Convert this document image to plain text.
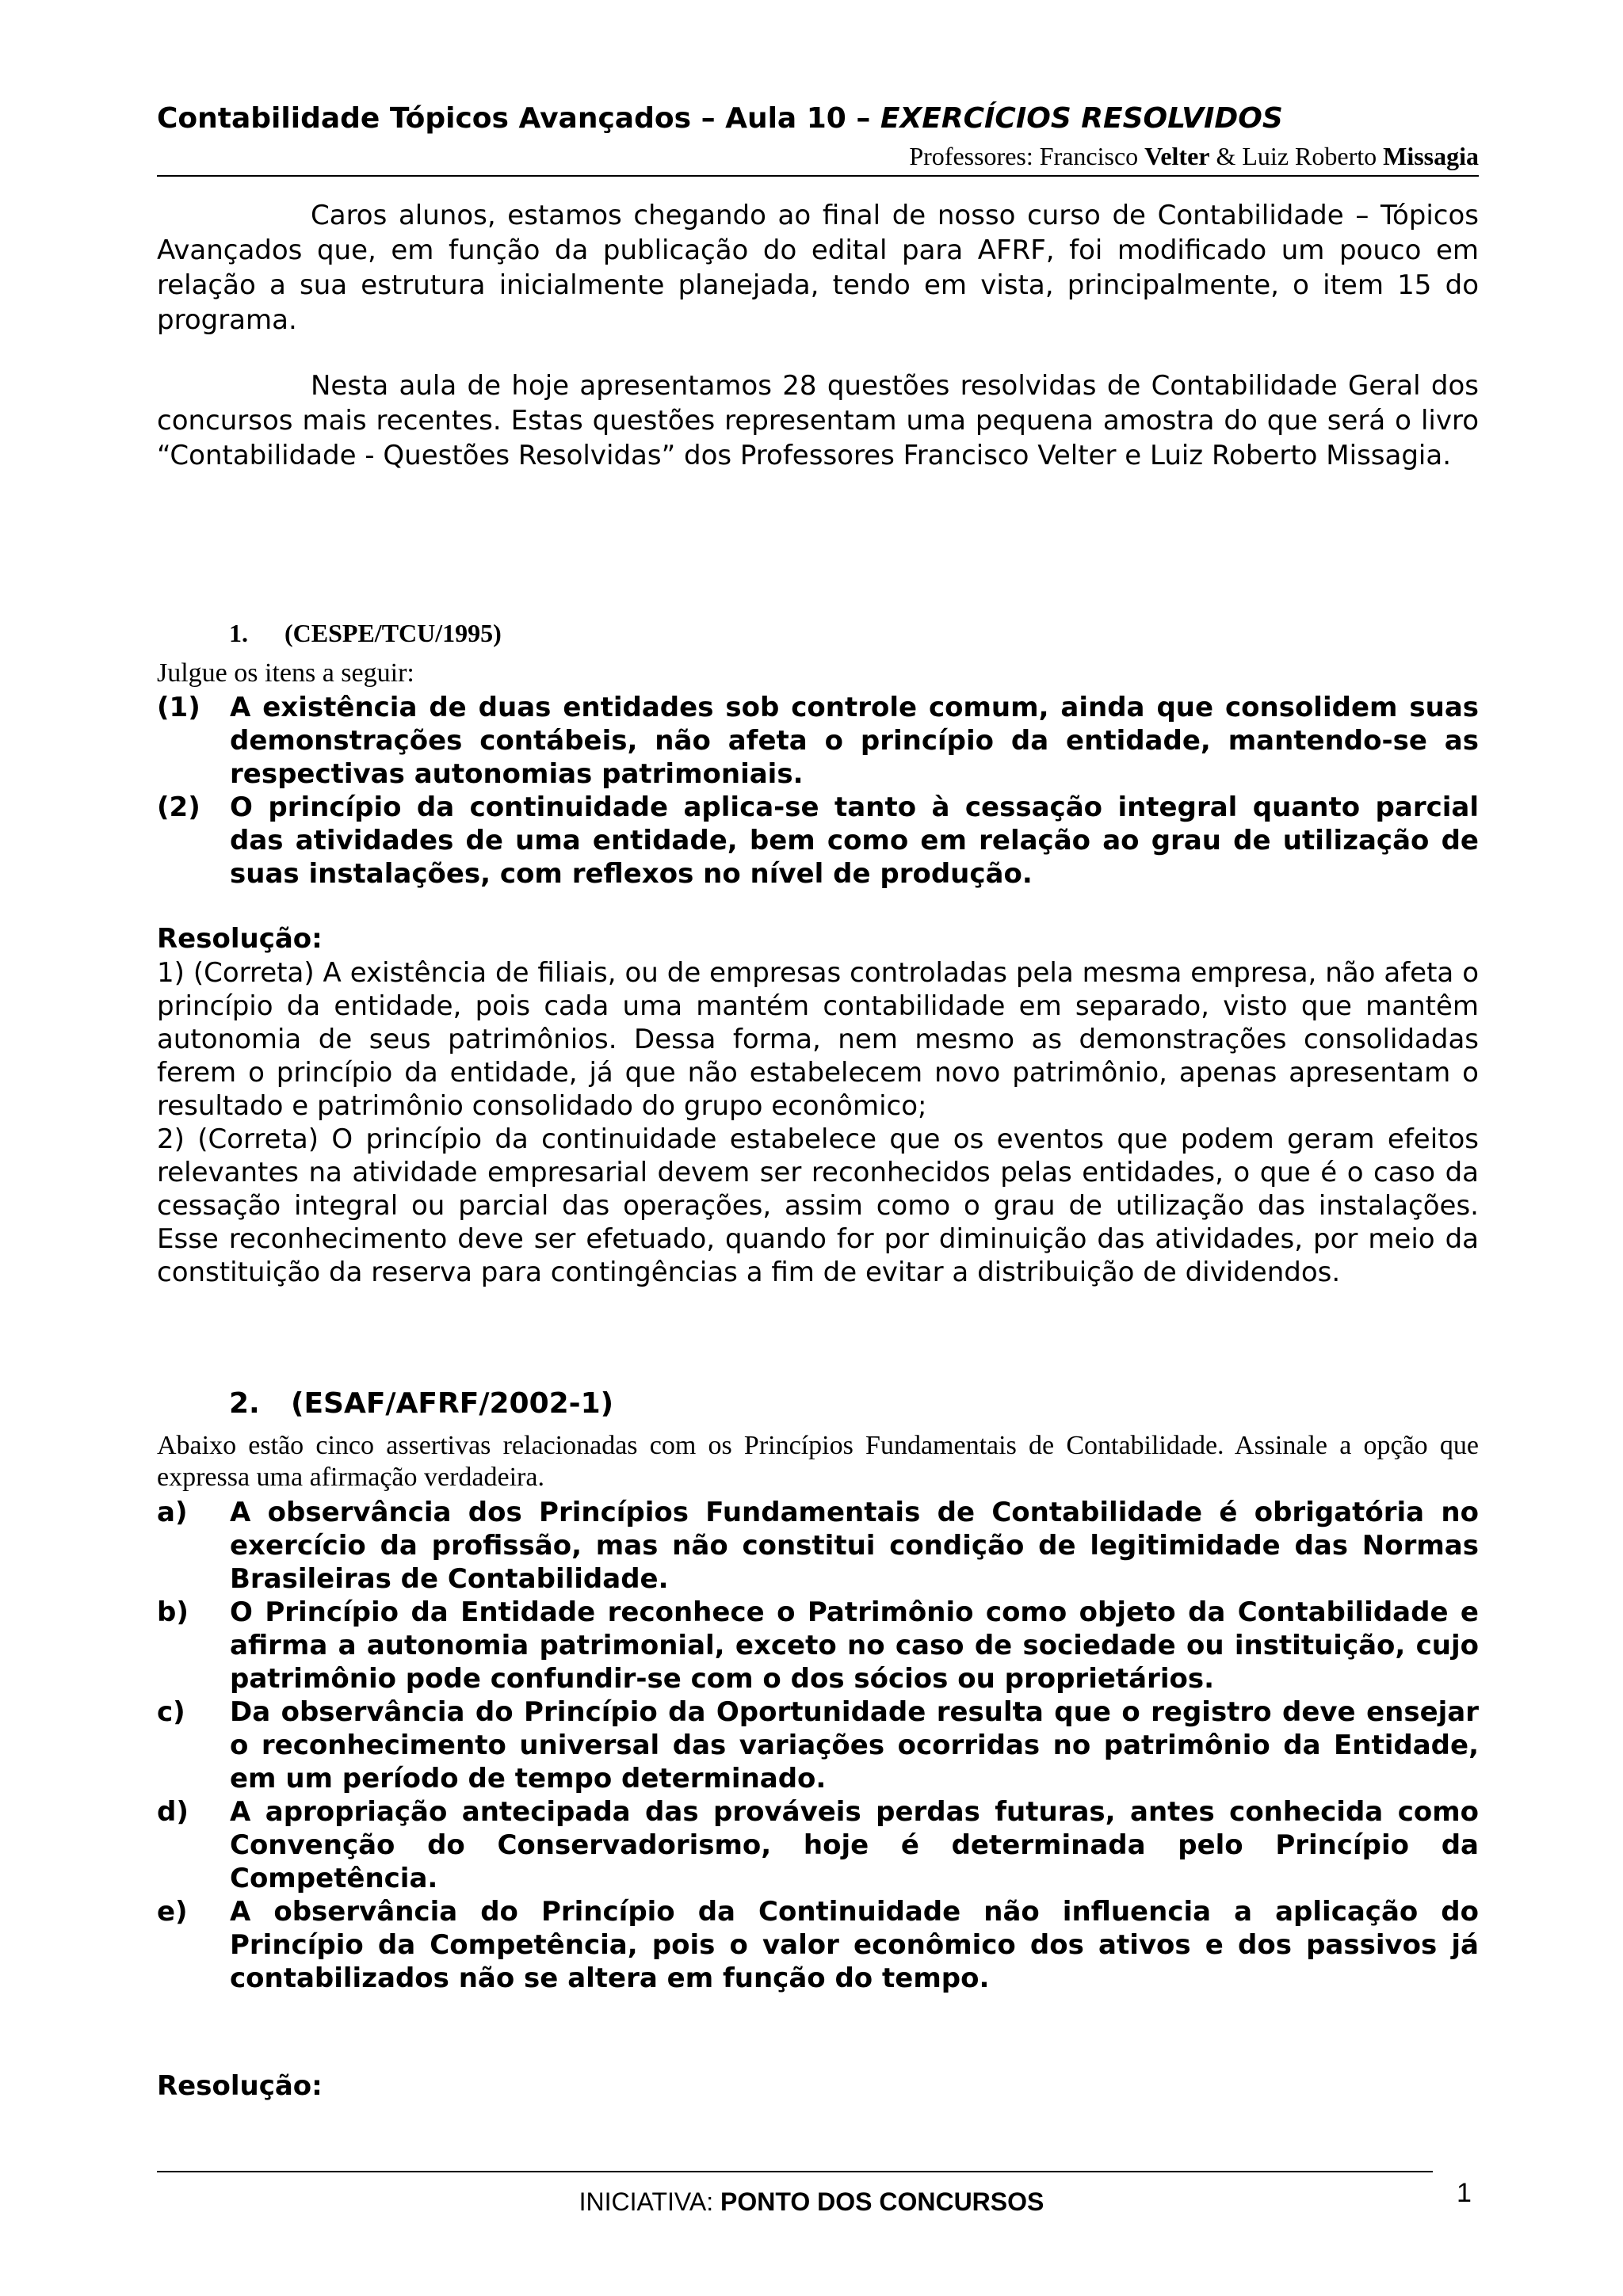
Contabilidade Tópicos Avançados – Aula 10 – EXERCÍCIOS RESOLVIDOS
Professores: Francisco Velter & Luiz Roberto Missagia

Caros alunos, estamos chegando ao final de nosso curso de Contabilidade – Tópicos Avançados que, em função da publicação do edital para AFRF, foi modificado um pouco em relação a sua estrutura inicialmente planejada, tendo em vista, principalmente, o item 15 do programa.

Nesta aula de hoje apresentamos 28 questões resolvidas de Contabilidade Geral dos concursos mais recentes. Estas questões representam uma pequena amostra do que será o livro “Contabilidade - Questões Resolvidas” dos Professores Francisco Velter e Luiz Roberto Missagia.

1. (CESPE/TCU/1995)
Julgue os itens a seguir:
(1)	A existência de duas entidades sob controle comum, ainda que consolidem suas demonstrações contábeis, não afeta o princípio da entidade, mantendo-se as respectivas autonomias patrimoniais.
(2)	O princípio da continuidade aplica-se tanto à cessação integral quanto parcial das atividades de uma entidade, bem como em relação ao grau de utilização de suas instalações, com reflexos no nível de produção.
Resolução:

1) (Correta) A existência de filiais, ou de empresas controladas pela mesma empresa, não afeta o princípio da entidade, pois cada uma mantém contabilidade em separado, visto que mantêm autonomia de seus patrimônios. Dessa forma, nem mesmo as demonstrações consolidadas ferem o princípio da entidade, já que não estabelecem novo patrimônio, apenas apresentam o resultado e patrimônio consolidado do grupo econômico;

2) (Correta) O princípio da continuidade estabelece que os eventos que podem geram efeitos relevantes na atividade empresarial devem ser reconhecidos pelas entidades, o que é o caso da cessação integral ou parcial das operações, assim como o grau de utilização das instalações. Esse reconhecimento deve ser efetuado, quando for por diminuição das atividades, por meio da constituição da reserva para contingências a fim de evitar a distribuição de dividendos.

2. (ESAF/AFRF/2002-1)

Abaixo estão cinco assertivas relacionadas com os Princípios Fundamentais de Contabilidade. Assinale a opção que expressa uma afirmação verdadeira.

a)	A observância dos Princípios Fundamentais de Contabilidade é obrigatória no exercício da profissão, mas não constitui condição de legitimidade das Normas Brasileiras de Contabilidade.
b)	O Princípio da Entidade reconhece o Patrimônio como objeto da Contabilidade e afirma a autonomia patrimonial, exceto no caso de sociedade ou instituição, cujo patrimônio pode confundir-se com o dos sócios ou proprietários.
c)	Da observância do Princípio da Oportunidade resulta que o registro deve ensejar o reconhecimento universal das variações ocorridas no patrimônio da Entidade, em um período de tempo determinado.
d)	A apropriação antecipada das prováveis perdas futuras, antes conhecida como Convenção do Conservadorismo, hoje é determinada pelo Princípio da Competência.
e)	A observância do Princípio da Continuidade não influencia a aplicação do Princípio da Competência, pois o valor econômico dos ativos e dos passivos já contabilizados não se altera em função do tempo.
Resolução:
INICIATIVA: PONTO DOS CONCURSOS	1
